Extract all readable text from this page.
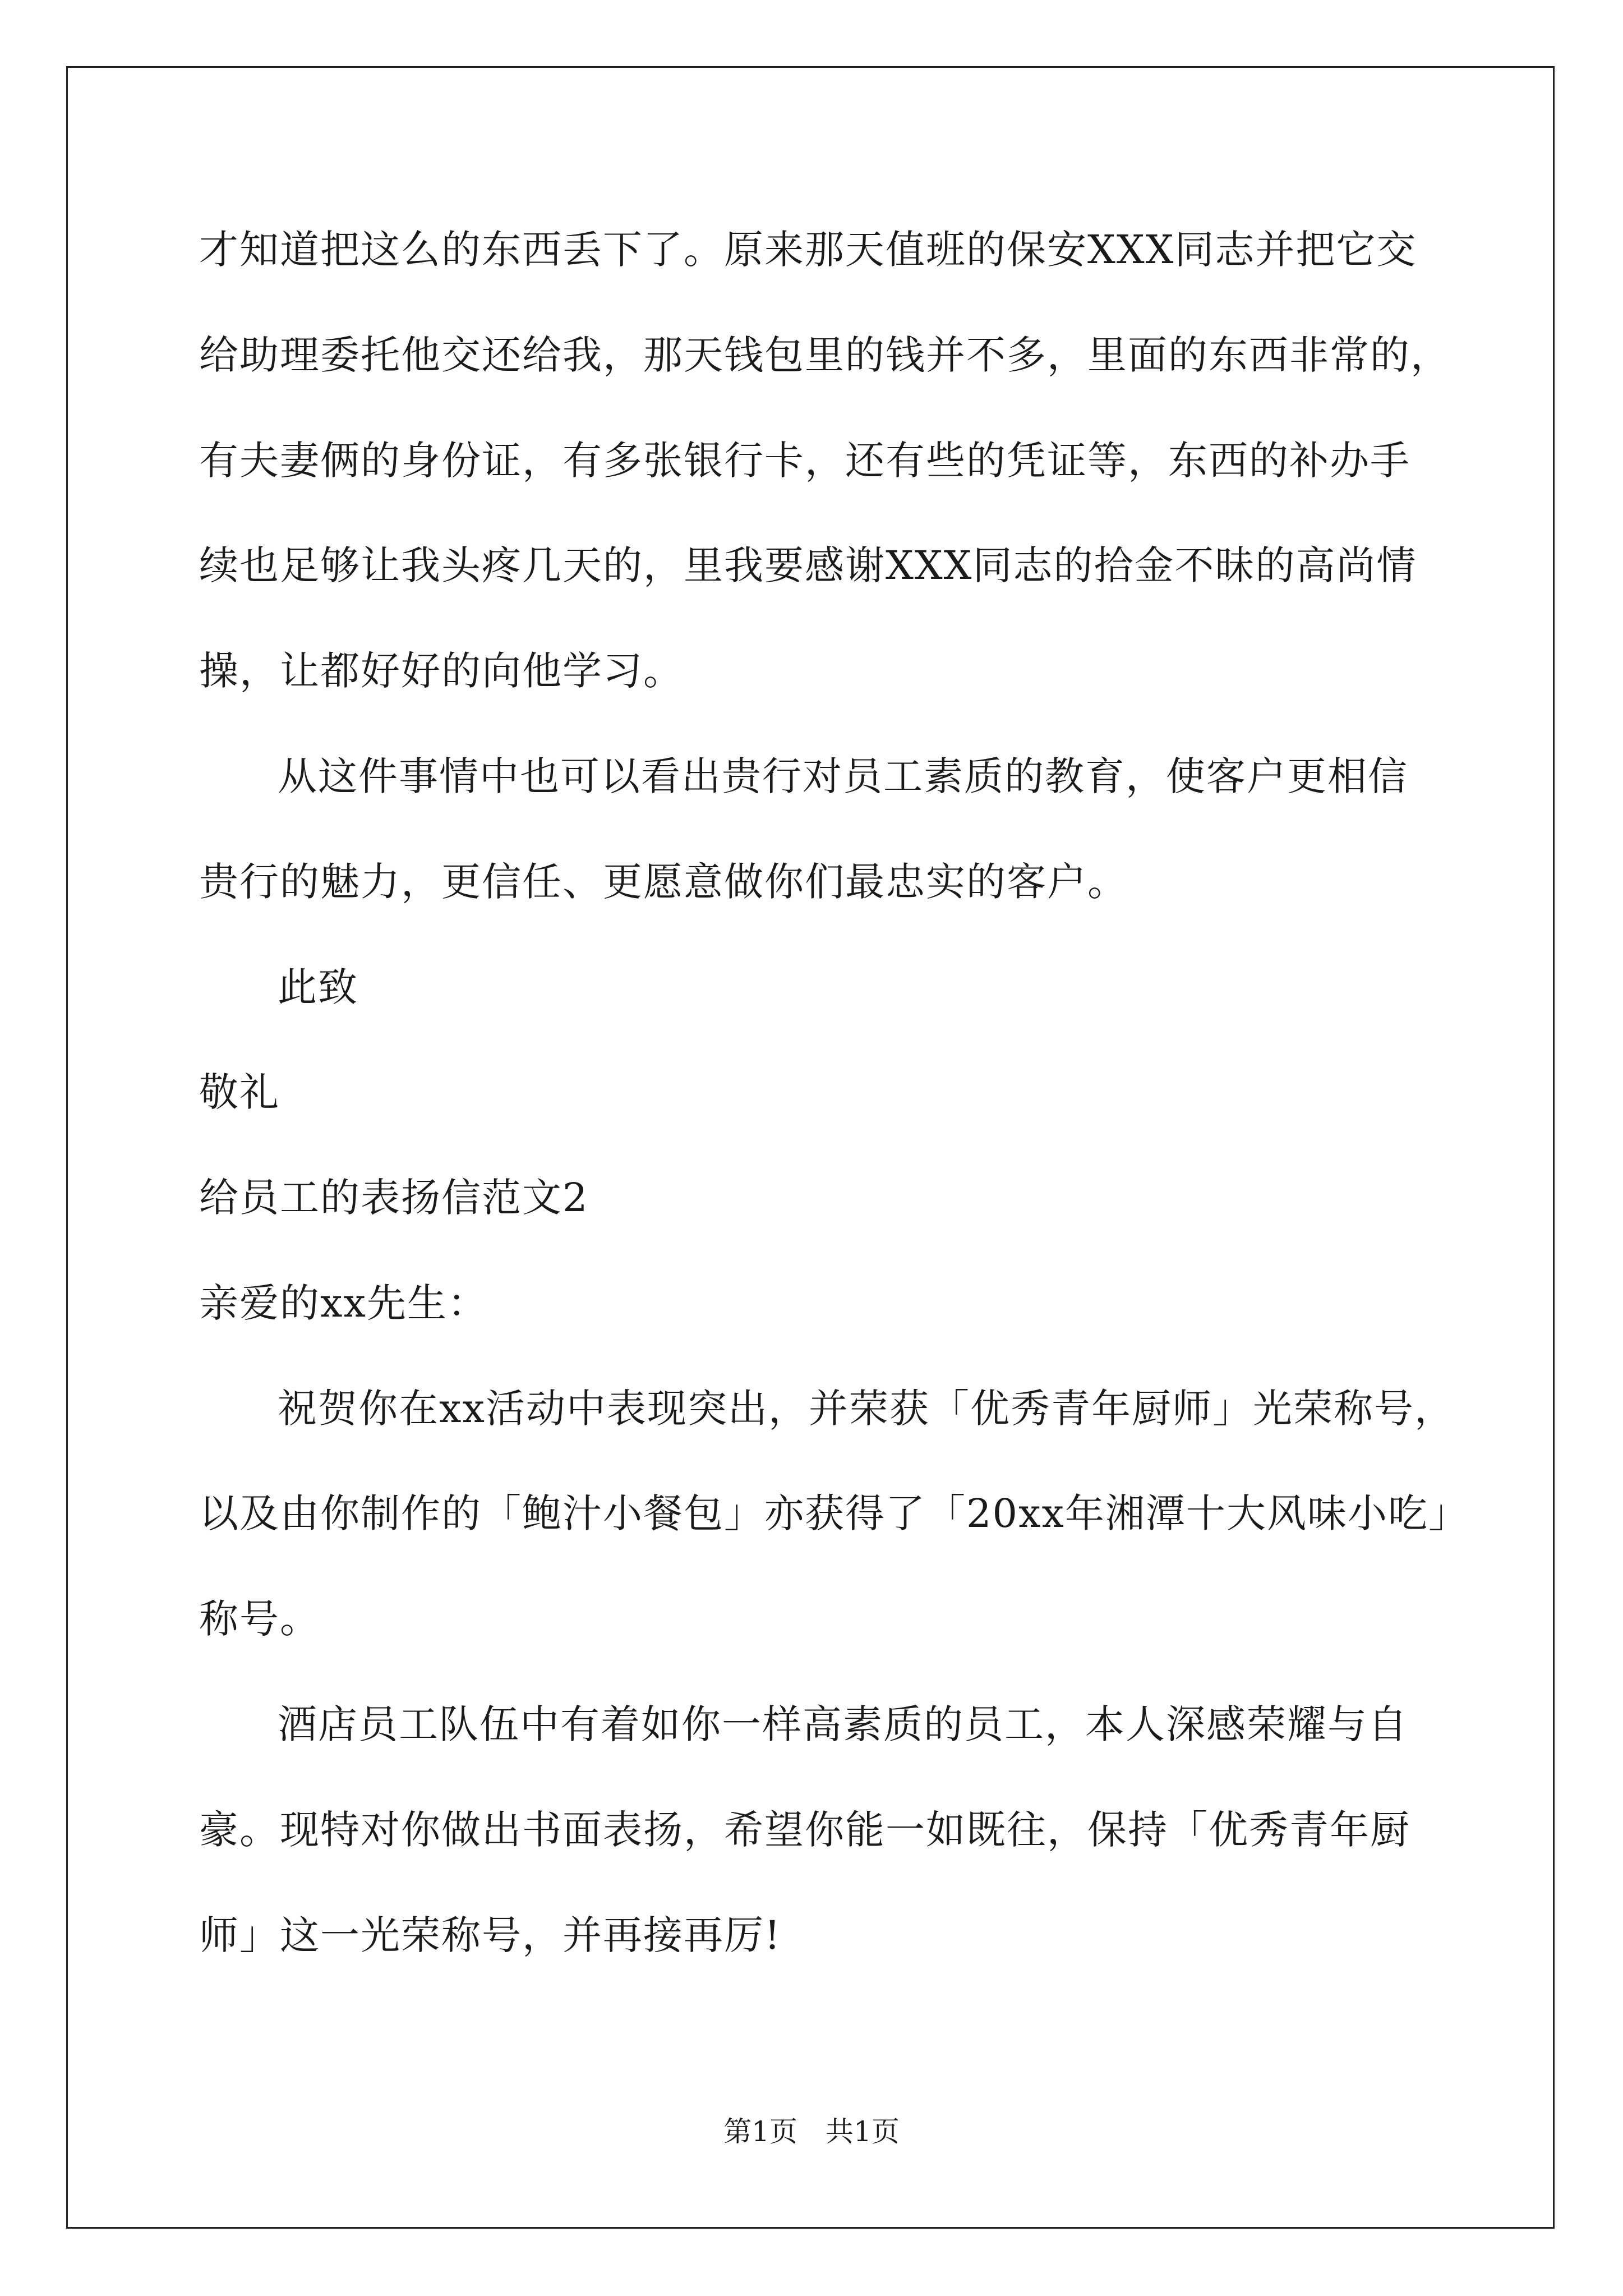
才知道把这么的东西丢下了。原来那天值班的保安XXX同志并把它交
给助理委托他交还给我，那天钱包里的钱并不多，里面的东西非常的，
有夫妻俩的身份证，有多张银行卡，还有些的凭证等，东西的补办手
续也足够让我头疼几天的，里我要感谢XXX同志的拾金不昧的高尚情
操，让都好好的向他学习。
从这件事情中也可以看出贵行对员工素质的教育，使客户更相信
贵行的魅力，更信任、更愿意做你们最忠实的客户。
此致
敬礼
给员工的表扬信范文2
亲爱的xx先生：
祝贺你在xx活动中表现突出，并荣获「优秀青年厨师」光荣称号，
以及由你制作的「鲍汁小餐包」亦获得了「20xx年湘潭十大风味小吃」
称号。
酒店员工队伍中有着如你一样高素质的员工，本人深感荣耀与自
豪。现特对你做出书面表扬，希望你能一如既往，保持「优秀青年厨
师」这一光荣称号，并再接再厉!
第1页 共1页
